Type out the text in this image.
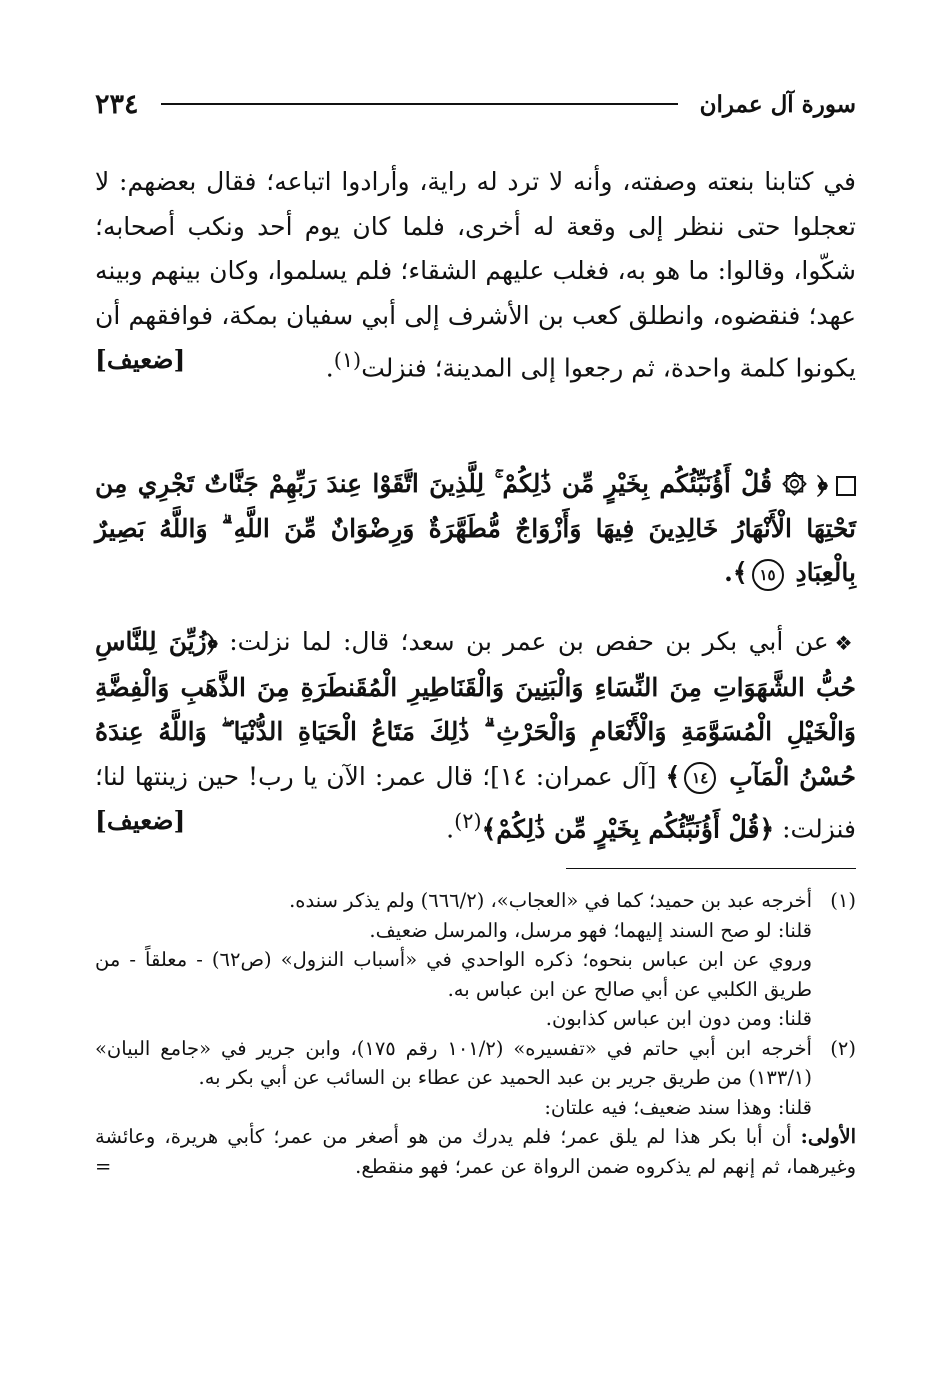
سورة آل عمران
٢٣٤
في كتابنا بنعته وصفته، وأنه لا ترد له راية، وأرادوا اتباعه؛ فقال بعضهم: لا تعجلوا حتى ننظر إلى وقعة له أخرى، فلما كان يوم أحد ونكب أصحابه؛ شكّوا، وقالوا: ما هو به، فغلب عليهم الشقاء؛ فلم يسلموا، وكان بينهم وبينه عهد؛ فنقضوه، وانطلق كعب بن الأشرف إلى أبي سفيان بمكة، فوافقهم أن يكونوا كلمة واحدة، ثم رجعوا إلى المدينة؛ فنزلت$^{(١)}$.
[ضعيف]
﴿ ۞ قُلْ أَؤُنَبِّئُكُم بِخَيْرٍ مِّن ذَٰلِكُمْ ۚ لِلَّذِينَ اتَّقَوْا عِندَ رَبِّهِمْ جَنَّاتٌ تَجْرِي مِن تَحْتِهَا الْأَنْهَارُ خَالِدِينَ فِيهَا وَأَزْوَاجٌ مُّطَهَّرَةٌ وَرِضْوَانٌ مِّنَ اللَّهِ ۗ وَاللَّهُ بَصِيرٌ بِالْعِبَادِ ١٥﴾.
❖عن أبي بكر بن حفص بن عمر بن سعد؛ قال: لما نزلت: ﴿زُيِّنَ لِلنَّاسِ حُبُّ الشَّهَوَاتِ مِنَ النِّسَاءِ وَالْبَنِينَ وَالْقَنَاطِيرِ الْمُقَنطَرَةِ مِنَ الذَّهَبِ وَالْفِضَّةِ وَالْخَيْلِ الْمُسَوَّمَةِ وَالْأَنْعَامِ وَالْحَرْثِ ۗ ذَٰلِكَ مَتَاعُ الْحَيَاةِ الدُّنْيَا ۖ وَاللَّهُ عِندَهُ حُسْنُ الْمَآبِ ١٤﴾ [آل عمران: ١٤]؛ قال عمر: الآن يا رب! حين زينتها لنا؛ فنزلت: ﴿قُلْ أَؤُنَبِّئُكُم بِخَيْرٍ مِّن ذَٰلِكُمْ﴾$^{(٢)}$.
[ضعيف]
(١)
أخرجه عبد بن حميد؛ كما في «العجاب»، (٦٦٦/٢) ولم يذكر سنده.
قلنا: لو صح السند إليهما؛ فهو مرسل، والمرسل ضعيف.
وروي عن ابن عباس بنحوه؛ ذكره الواحدي في «أسباب النزول» (ص٦٢) - معلقاً - من طريق الكلبي عن أبي صالح عن ابن عباس به.
قلنا: ومن دون ابن عباس كذابون.
(٢)
أخرجه ابن أبي حاتم في «تفسيره» (١٠١/٢ رقم ١٧٥)، وابن جرير في «جامع البيان» (١٣٣/١) من طريق جرير بن عبد الحميد عن عطاء بن السائب عن أبي بكر به.
قلنا: وهذا سند ضعيف؛ فيه علتان:
الأولى: أن أبا بكر هذا لم يلق عمر؛ فلم يدرك من هو أصغر من عمر؛ كأبي هريرة، وعائشة وغيرهما، ثم إنهم لم يذكروه ضمن الرواة عن عمر؛ فهو منقطع.
=
